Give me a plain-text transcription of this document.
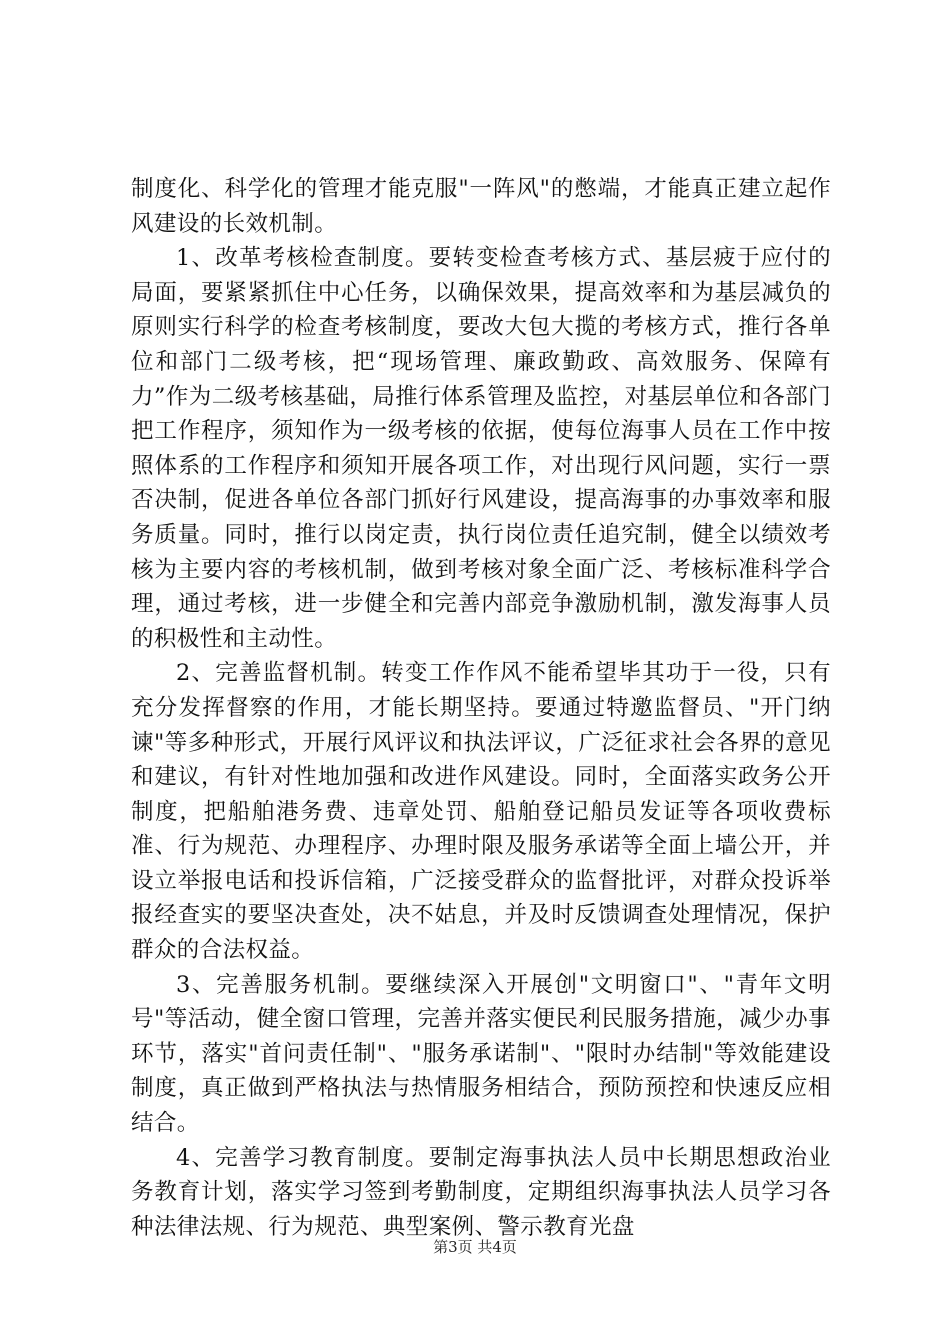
制度化、科学化的管理才能克服"一阵风"的憋端，才能真正建立起作风建设的长效机制。

1、改革考核检查制度。要转变检查考核方式、基层疲于应付的局面，要紧紧抓住中心任务，以确保效果，提高效率和为基层减负的原则实行科学的检查考核制度，要改大包大揽的考核方式，推行各单位和部门二级考核，把“现场管理、廉政勤政、高效服务、保障有力”作为二级考核基础，局推行体系管理及监控，对基层单位和各部门把工作程序，须知作为一级考核的依据，使每位海事人员在工作中按照体系的工作程序和须知开展各项工作，对出现行风问题，实行一票否决制，促进各单位各部门抓好行风建设，提高海事的办事效率和服务质量。同时，推行以岗定责，执行岗位责任追究制，健全以绩效考核为主要内容的考核机制，做到考核对象全面广泛、考核标准科学合理，通过考核，进一步健全和完善内部竞争激励机制，激发海事人员的积极性和主动性。

2、完善监督机制。转变工作作风不能希望毕其功于一役，只有充分发挥督察的作用，才能长期坚持。要通过特邀监督员、"开门纳谏"等多种形式，开展行风评议和执法评议，广泛征求社会各界的意见和建议，有针对性地加强和改进作风建设。同时，全面落实政务公开制度，把船舶港务费、违章处罚、船舶登记船员发证等各项收费标准、行为规范、办理程序、办理时限及服务承诺等全面上墙公开，并设立举报电话和投诉信箱，广泛接受群众的监督批评，对群众投诉举报经查实的要坚决查处，决不姑息，并及时反馈调查处理情况，保护群众的合法权益。

3、完善服务机制。要继续深入开展创"文明窗口"、"青年文明号"等活动，健全窗口管理，完善并落实便民利民服务措施，减少办事环节，落实"首问责任制"、"服务承诺制"、"限时办结制"等效能建设制度，真正做到严格执法与热情服务相结合，预防预控和快速反应相结合。

4、完善学习教育制度。要制定海事执法人员中长期思想政治业务教育计划，落实学习签到考勤制度，定期组织海事执法人员学习各种法律法规、行为规范、典型案例、警示教育光盘

第3页 共4页
